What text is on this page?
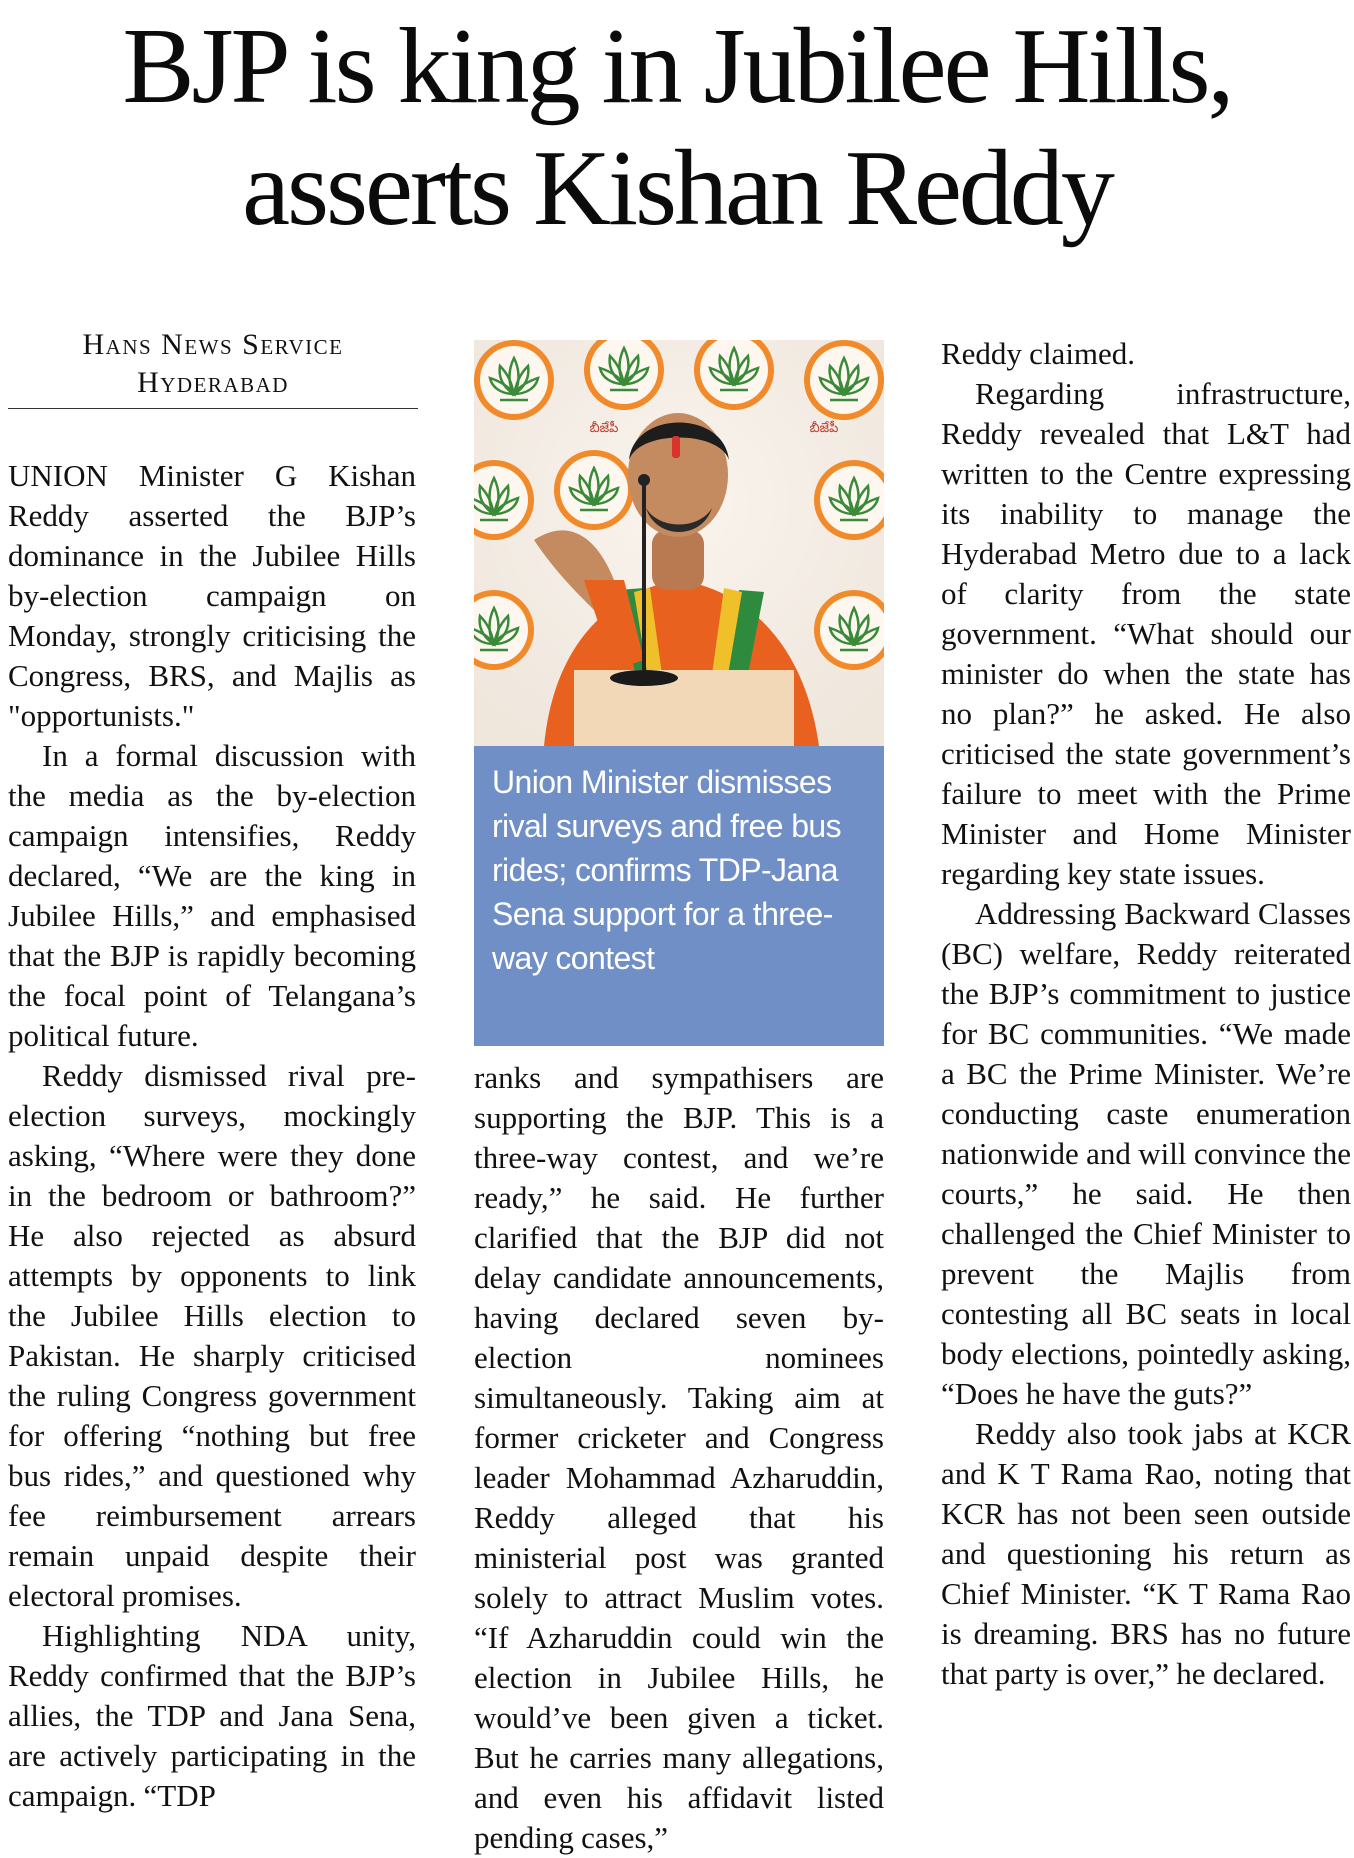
BJP is king in Jubilee Hills,
asserts Kishan Reddy
Hans News Service
Hyderabad

UNION Minister G Kishan Reddy asserted the BJP’s dominance in the Jubilee Hills by-election campaign on Monday, strongly criticising the Congress, BRS, and Majlis as "opportunists."

In a formal discussion with the media as the by-election campaign intensifies, Reddy declared, “We are the king in Jubilee Hills,” and emphasised that the BJP is rapidly becoming the focal point of Telangana’s political future.

Reddy dismissed rival pre-election surveys, mockingly asking, “Where were they done in the bedroom or bathroom?” He also rejected as absurd attempts by opponents to link the Jubilee Hills election to Pakistan. He sharply criticised the ruling Congress government for offering “nothing but free bus rides,” and questioned why fee reimbursement arrears remain unpaid despite their electoral promises.

Highlighting NDA unity, Reddy confirmed that the BJP’s allies, the TDP and Jana Sena, are actively participating in the campaign. “TDP

బీజేపీ	బీజేపీ
Union Minister dismisses rival surveys and free bus rides; confirms TDP-Jana Sena support for a three-way contest

ranks and sympathisers are supporting the BJP. This is a three-way contest, and we’re ready,” he said. He further clarified that the BJP did not delay candidate announcements, having declared seven by-election nominees simultaneously. Taking aim at former cricketer and Congress leader Mohammad Azharuddin, Reddy alleged that his ministerial post was granted solely to attract Muslim votes. “If Azharuddin could win the election in Jubilee Hills, he would’ve been given a ticket. But he carries many allegations, and even his affidavit listed pending cases,”

Reddy claimed.

Regarding infrastructure, Reddy revealed that L&T had written to the Centre expressing its inability to manage the Hyderabad Metro due to a lack of clarity from the state government. “What should our minister do when the state has no plan?” he asked. He also criticised the state government’s failure to meet with the Prime Minister and Home Minister regarding key state issues.

Addressing Backward Classes (BC) welfare, Reddy reiterated the BJP’s commitment to justice for BC communities. “We made a BC the Prime Minister. We’re conducting caste enumeration nationwide and will convince the courts,” he said. He then challenged the Chief Minister to prevent the Majlis from contesting all BC seats in local body elections, pointedly asking, “Does he have the guts?”

Reddy also took jabs at KCR and K T Rama Rao, noting that KCR has not been seen outside and questioning his return as Chief Minister. “K T Rama Rao is dreaming. BRS has no future that party is over,” he declared.
